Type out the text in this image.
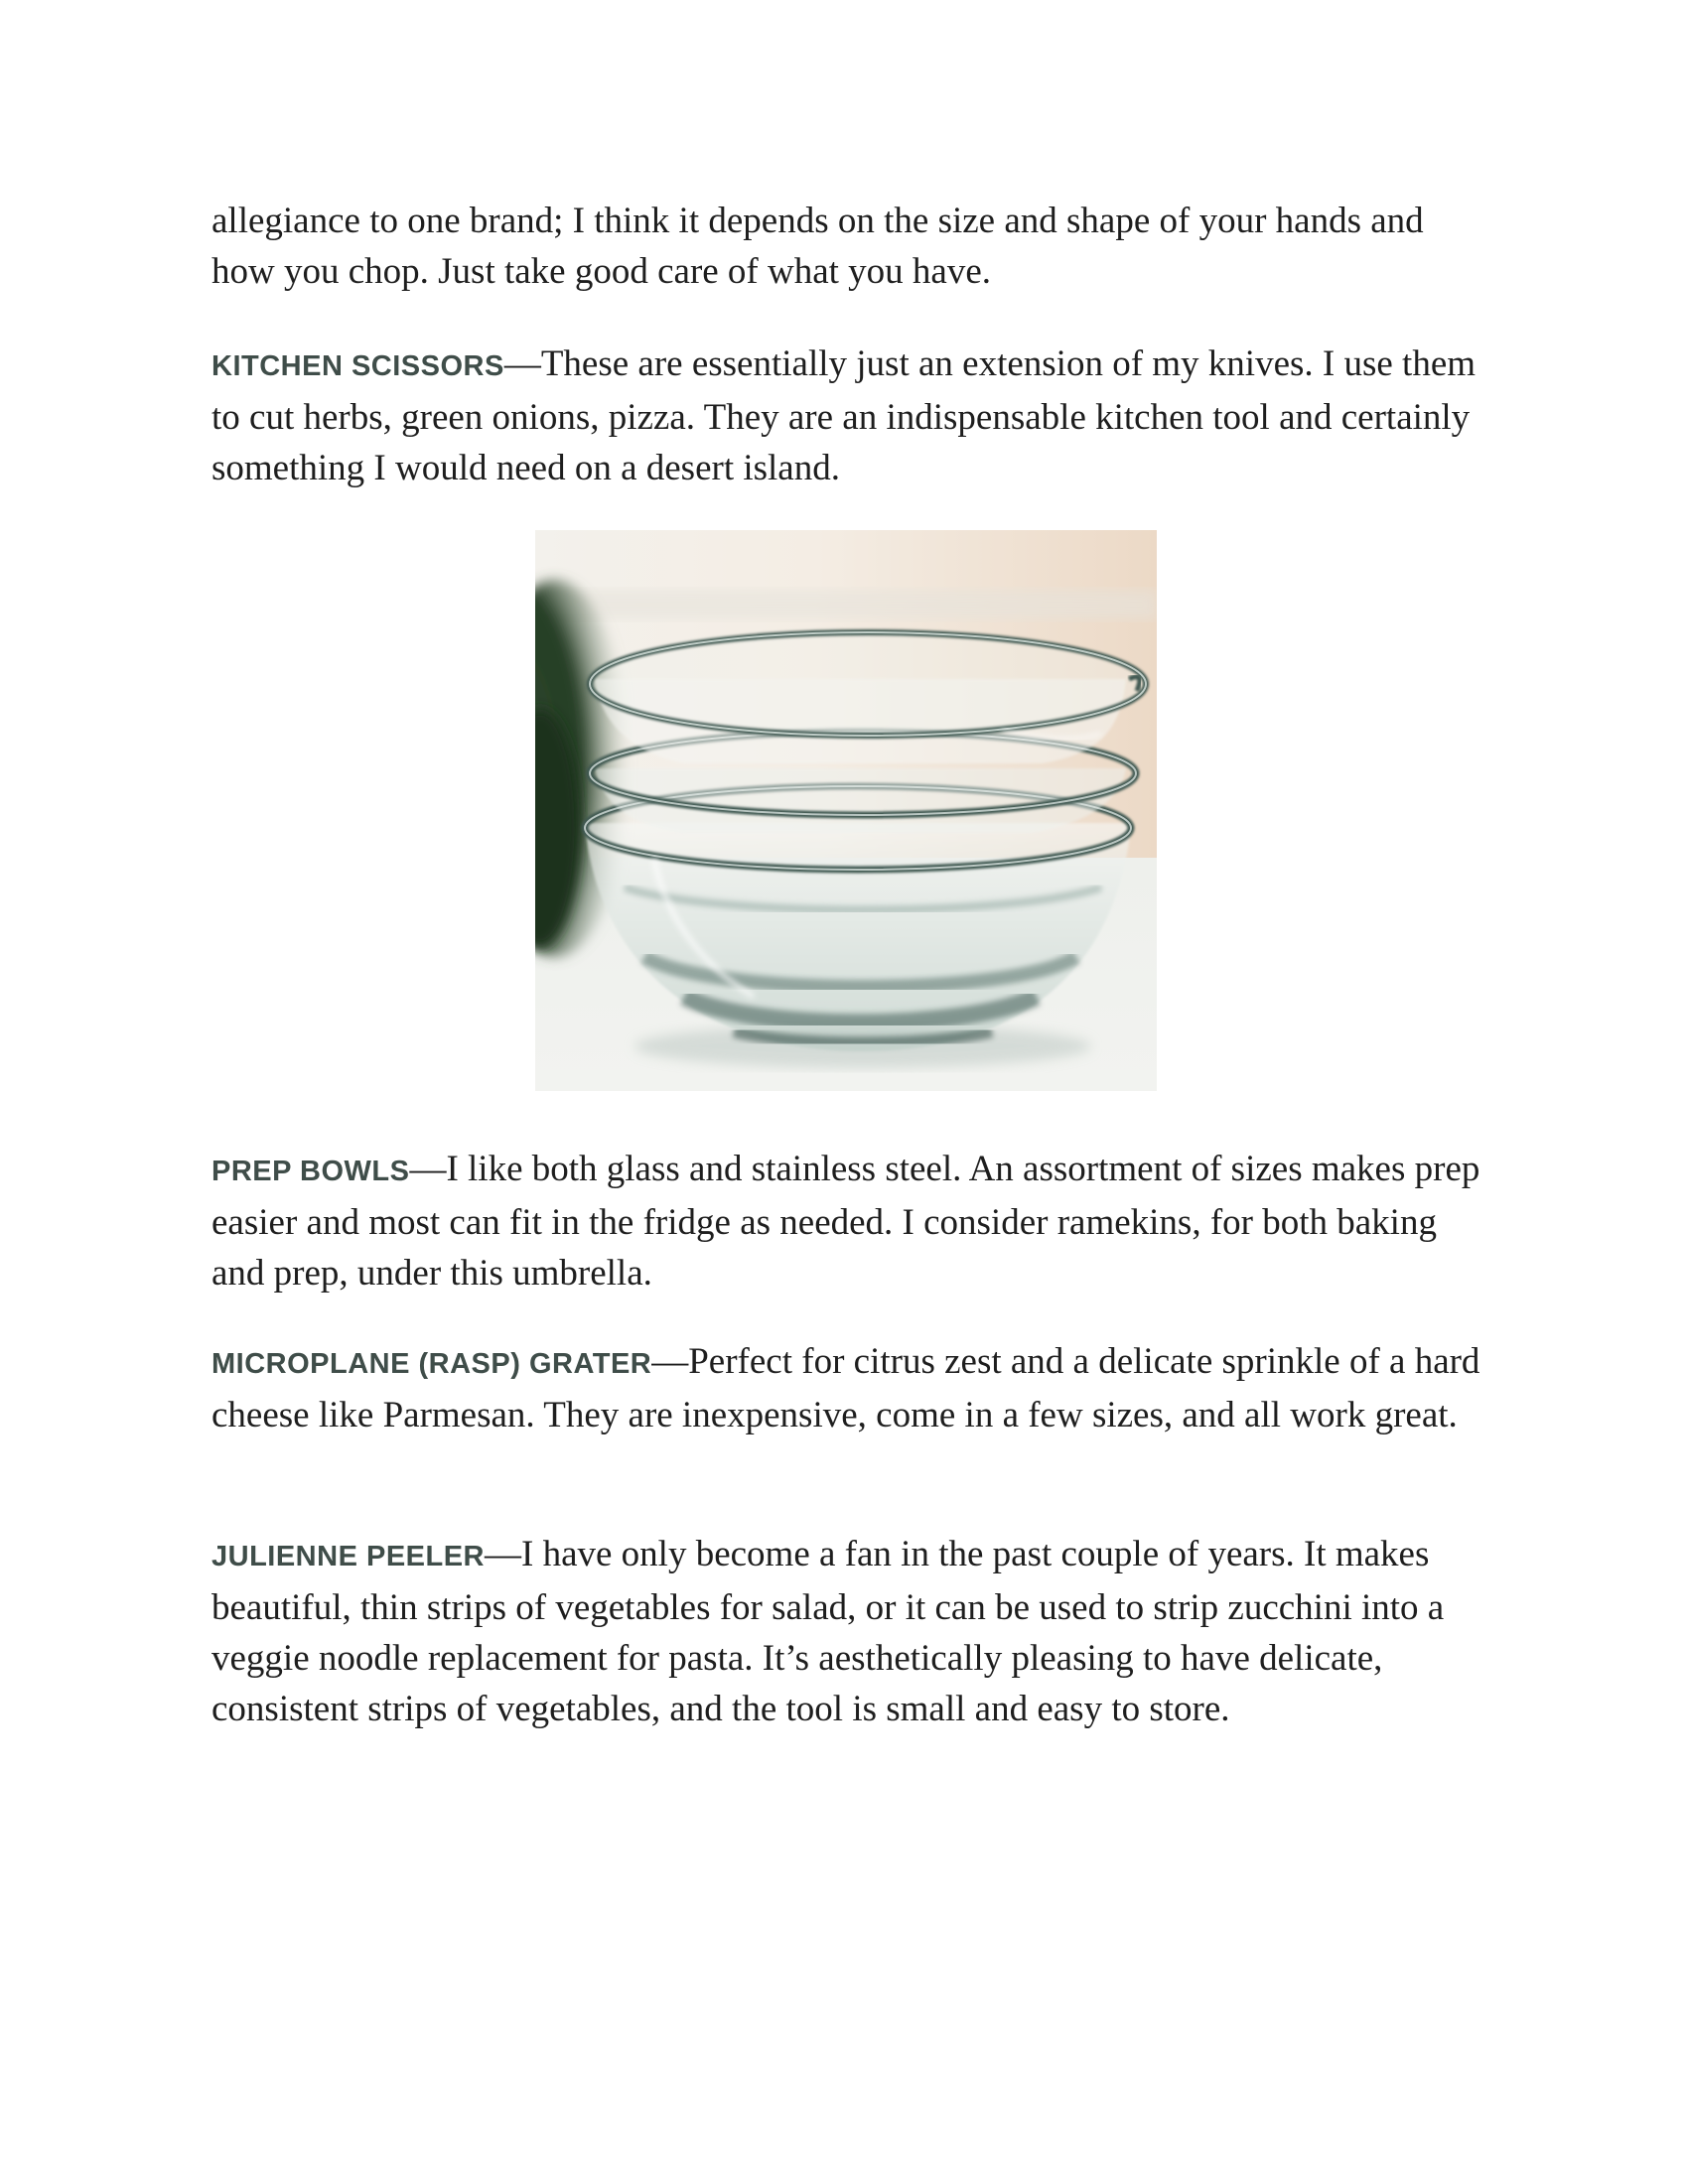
allegiance to one brand; I think it depends on the size and shape of your hands and how you chop. Just take good care of what you have.

KITCHEN SCISSORS—These are essentially just an extension of my knives. I use them to cut herbs, green onions, pizza. They are an indispensable kitchen tool and certainly something I would need on a desert island.

PREP BOWLS—I like both glass and stainless steel. An assortment of sizes makes prep easier and most can fit in the fridge as needed. I consider ramekins, for both baking and prep, under this umbrella.

MICROPLANE (RASP) GRATER—Perfect for citrus zest and a delicate sprinkle of a hard cheese like Parmesan. They are inexpensive, come in a few sizes, and all work great.

JULIENNE PEELER—I have only become a fan in the past couple of years. It makes beautiful, thin strips of vegetables for salad, or it can be used to strip zucchini into a veggie noodle replacement for pasta. It’s aesthetically pleasing to have delicate, consistent strips of vegetables, and the tool is small and easy to store.
